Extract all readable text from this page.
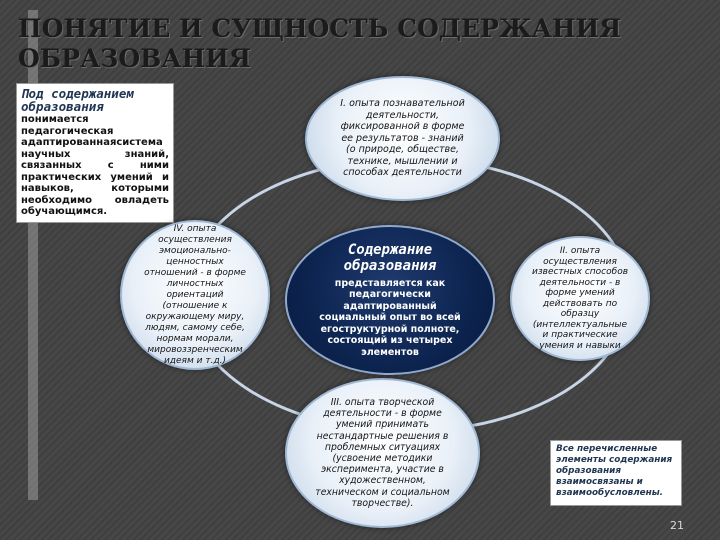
ПОНЯТИЕ И СУЩНОСТЬ СОДЕРЖАНИЯ ОБРАЗОВАНИЯ
Под содержанием образования
понимается педагогическая адаптированнаясистема научных знаний, связанных с ними практических умений и навыков, которыми необходимо овладеть обучающимся.
I. опыта познавательной деятельности, фиксированной в форме ее результатов - знаний (о природе, обществе, технике, мышлении и способах деятельности
IV. опыта осуществления эмоционально-ценностных отношений - в форме личностных ориентаций (отношение к окружающему миру, людям, самому себе, нормам морали, мировоззренческим идеям и т.д.)
II. опыта осуществления известных способов деятельности - в форме умений действовать по образцу (интеллектуальные и практические умения и навыки
III. опыта творческой деятельности - в форме умений принимать нестандартные решения в проблемных ситуациях (усвоение методики эксперимента, участие в художественном, техническом и социальном творчестве).
Содержание образования
представляется как педагогически адаптированный социальный опыт во всей егоструктурной полноте, состоящий из четырех элементов
Все перечисленные элементы содержания образования взаимосвязаны и взаимообусловлены.
21
